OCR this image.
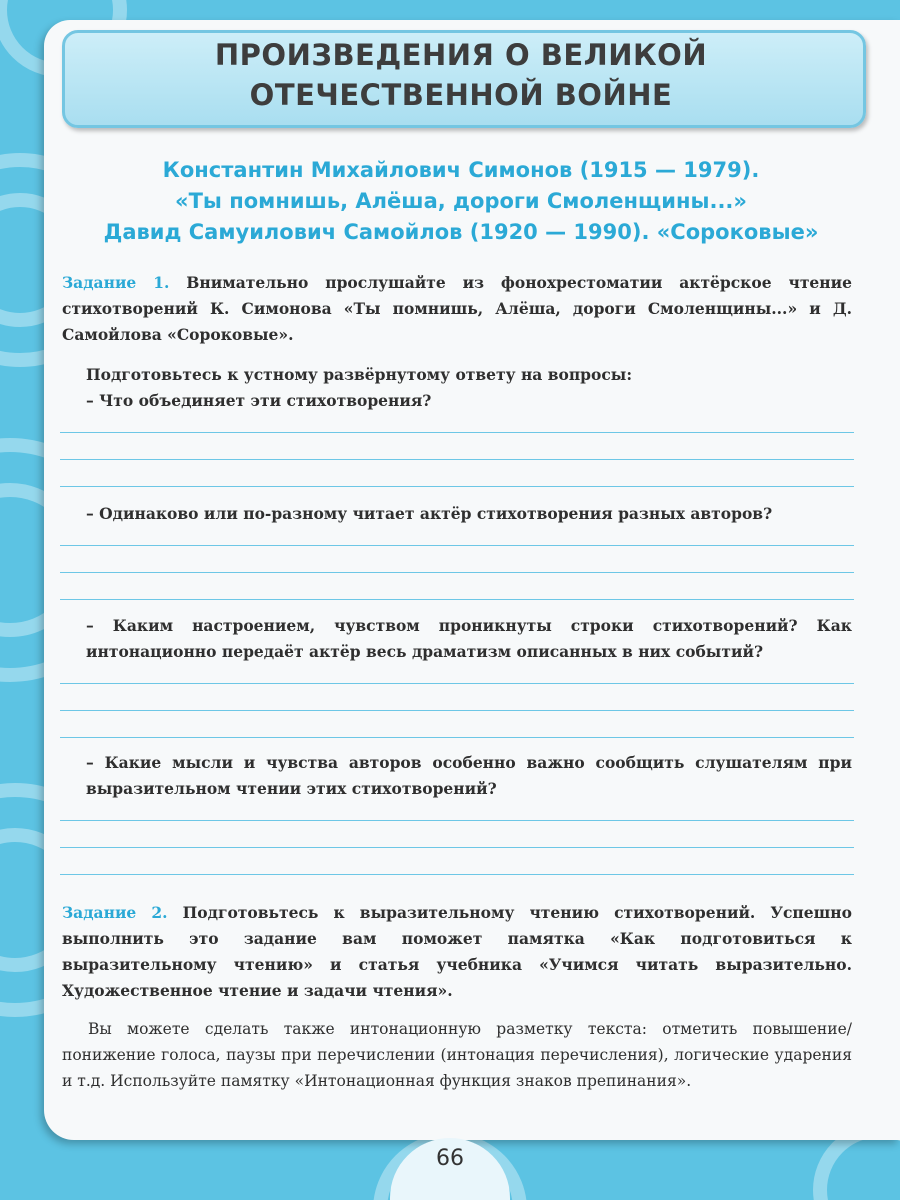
ПРОИЗВЕДЕНИЯ О ВЕЛИКОЙ
ОТЕЧЕСТВЕННОЙ ВОЙНЕ
Константин Михайлович Симонов (1915 — 1979).
«Ты помнишь, Алёша, дороги Смоленщины...»
Давид Самуилович Самойлов (1920 — 1990). «Сороковые»

Задание 1. Внимательно прослушайте из фонохрестоматии актёрское чтение стихотворений К. Симонова «Ты помнишь, Алёша, дороги Смоленщины...» и Д. Самойлова «Сороковые».

Подготовьтесь к устному развёрнутому ответу на вопросы:

– Что объединяет эти стихотворения?

– Одинаково или по-разному читает актёр стихотворения разных авторов?

– Каким настроением, чувством проникнуты строки стихотворений? Как интонационно передаёт актёр весь драматизм описанных в них событий?

– Какие мысли и чувства авторов особенно важно сообщить слушателям при выразительном чтении этих стихотворений?

Задание 2. Подготовьтесь к выразительному чтению стихотворений. Успешно выполнить это задание вам поможет памятка «Как подготовиться к выразительному чтению» и статья учебника «Учимся читать выразительно. Художественное чтение и задачи чтения».

Вы можете сделать также интонационную разметку текста: отметить повышение/понижение голоса, паузы при перечислении (интонация перечисления), логические ударения и т.д. Используйте памятку «Интонационная функция знаков препинания».

66
